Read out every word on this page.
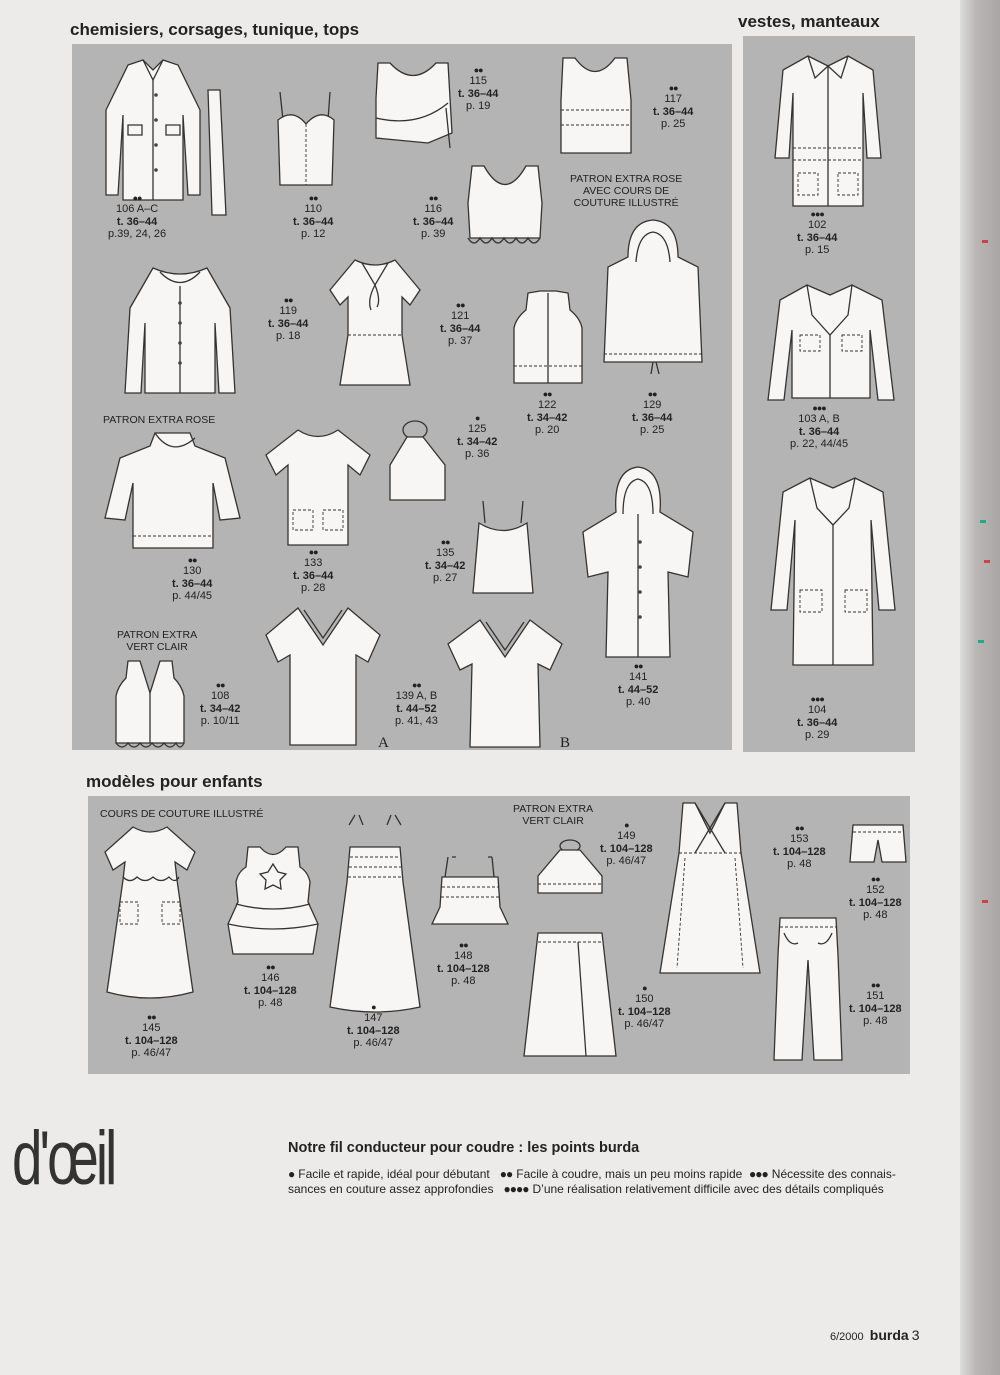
chemisiers, corsages, tunique, tops	vestes, manteaux
modèles pour enfants
A	B
PATRON EXTRA ROSE
AVEC COURS DE
COUTURE ILLUSTRÉ
PATRON EXTRA ROSE
PATRON EXTRA
VERT CLAIR
COURS DE COUTURE ILLUSTRÉ	PATRON EXTRA
VERT CLAIR
●●
106 A–C
t. 36–44
p.39, 24, 26
●●
110
t. 36–44
p. 12
●●
115
t. 36–44
p. 19
●●
116
t. 36–44
p. 39
●●
117
t. 36–44
p. 25
●●
119
t. 36–44
p. 18
●●
121
t. 36–44
p. 37
●●
122
t. 34–42
p. 20
●●
129
t. 36–44
p. 25
●●
130
t. 36–44
p. 44/45
●●
133
t. 36–44
p. 28
●
125
t. 34–42
p. 36
●●
135
t. 34–42
p. 27
●●
141
t. 44–52
p. 40
●●
108
t. 34–42
p. 10/11
●●
139 A, B
t. 44–52
p. 41, 43
●●●
102
t. 36–44
p. 15
●●●
103 A, B
t. 36–44
p. 22, 44/45
●●●
104
t. 36–44
p. 29
●●
145
t. 104–128
p. 46/47
●●
146
t. 104–128
p. 48	●
147
t. 104–128
p. 46/47
●●
148
t. 104–128
p. 48
●
149
t. 104–128
p. 46/47
●
150
t. 104–128
p. 46/47
●●
153
t. 104–128
p. 48
●●
152
t. 104–128
p. 48
●●
151
t. 104–128
p. 48
d'œil	Notre fil conducteur pour coudre : les points burda
● Facile et rapide, idéal pour débutant ●● Facile à coudre, mais un peu moins rapide ●●● Nécessite des connais-
sances en couture assez approfondies ●●●● D’une réalisation relativement difficile avec des détails compliqués
6/2000 burda 3
